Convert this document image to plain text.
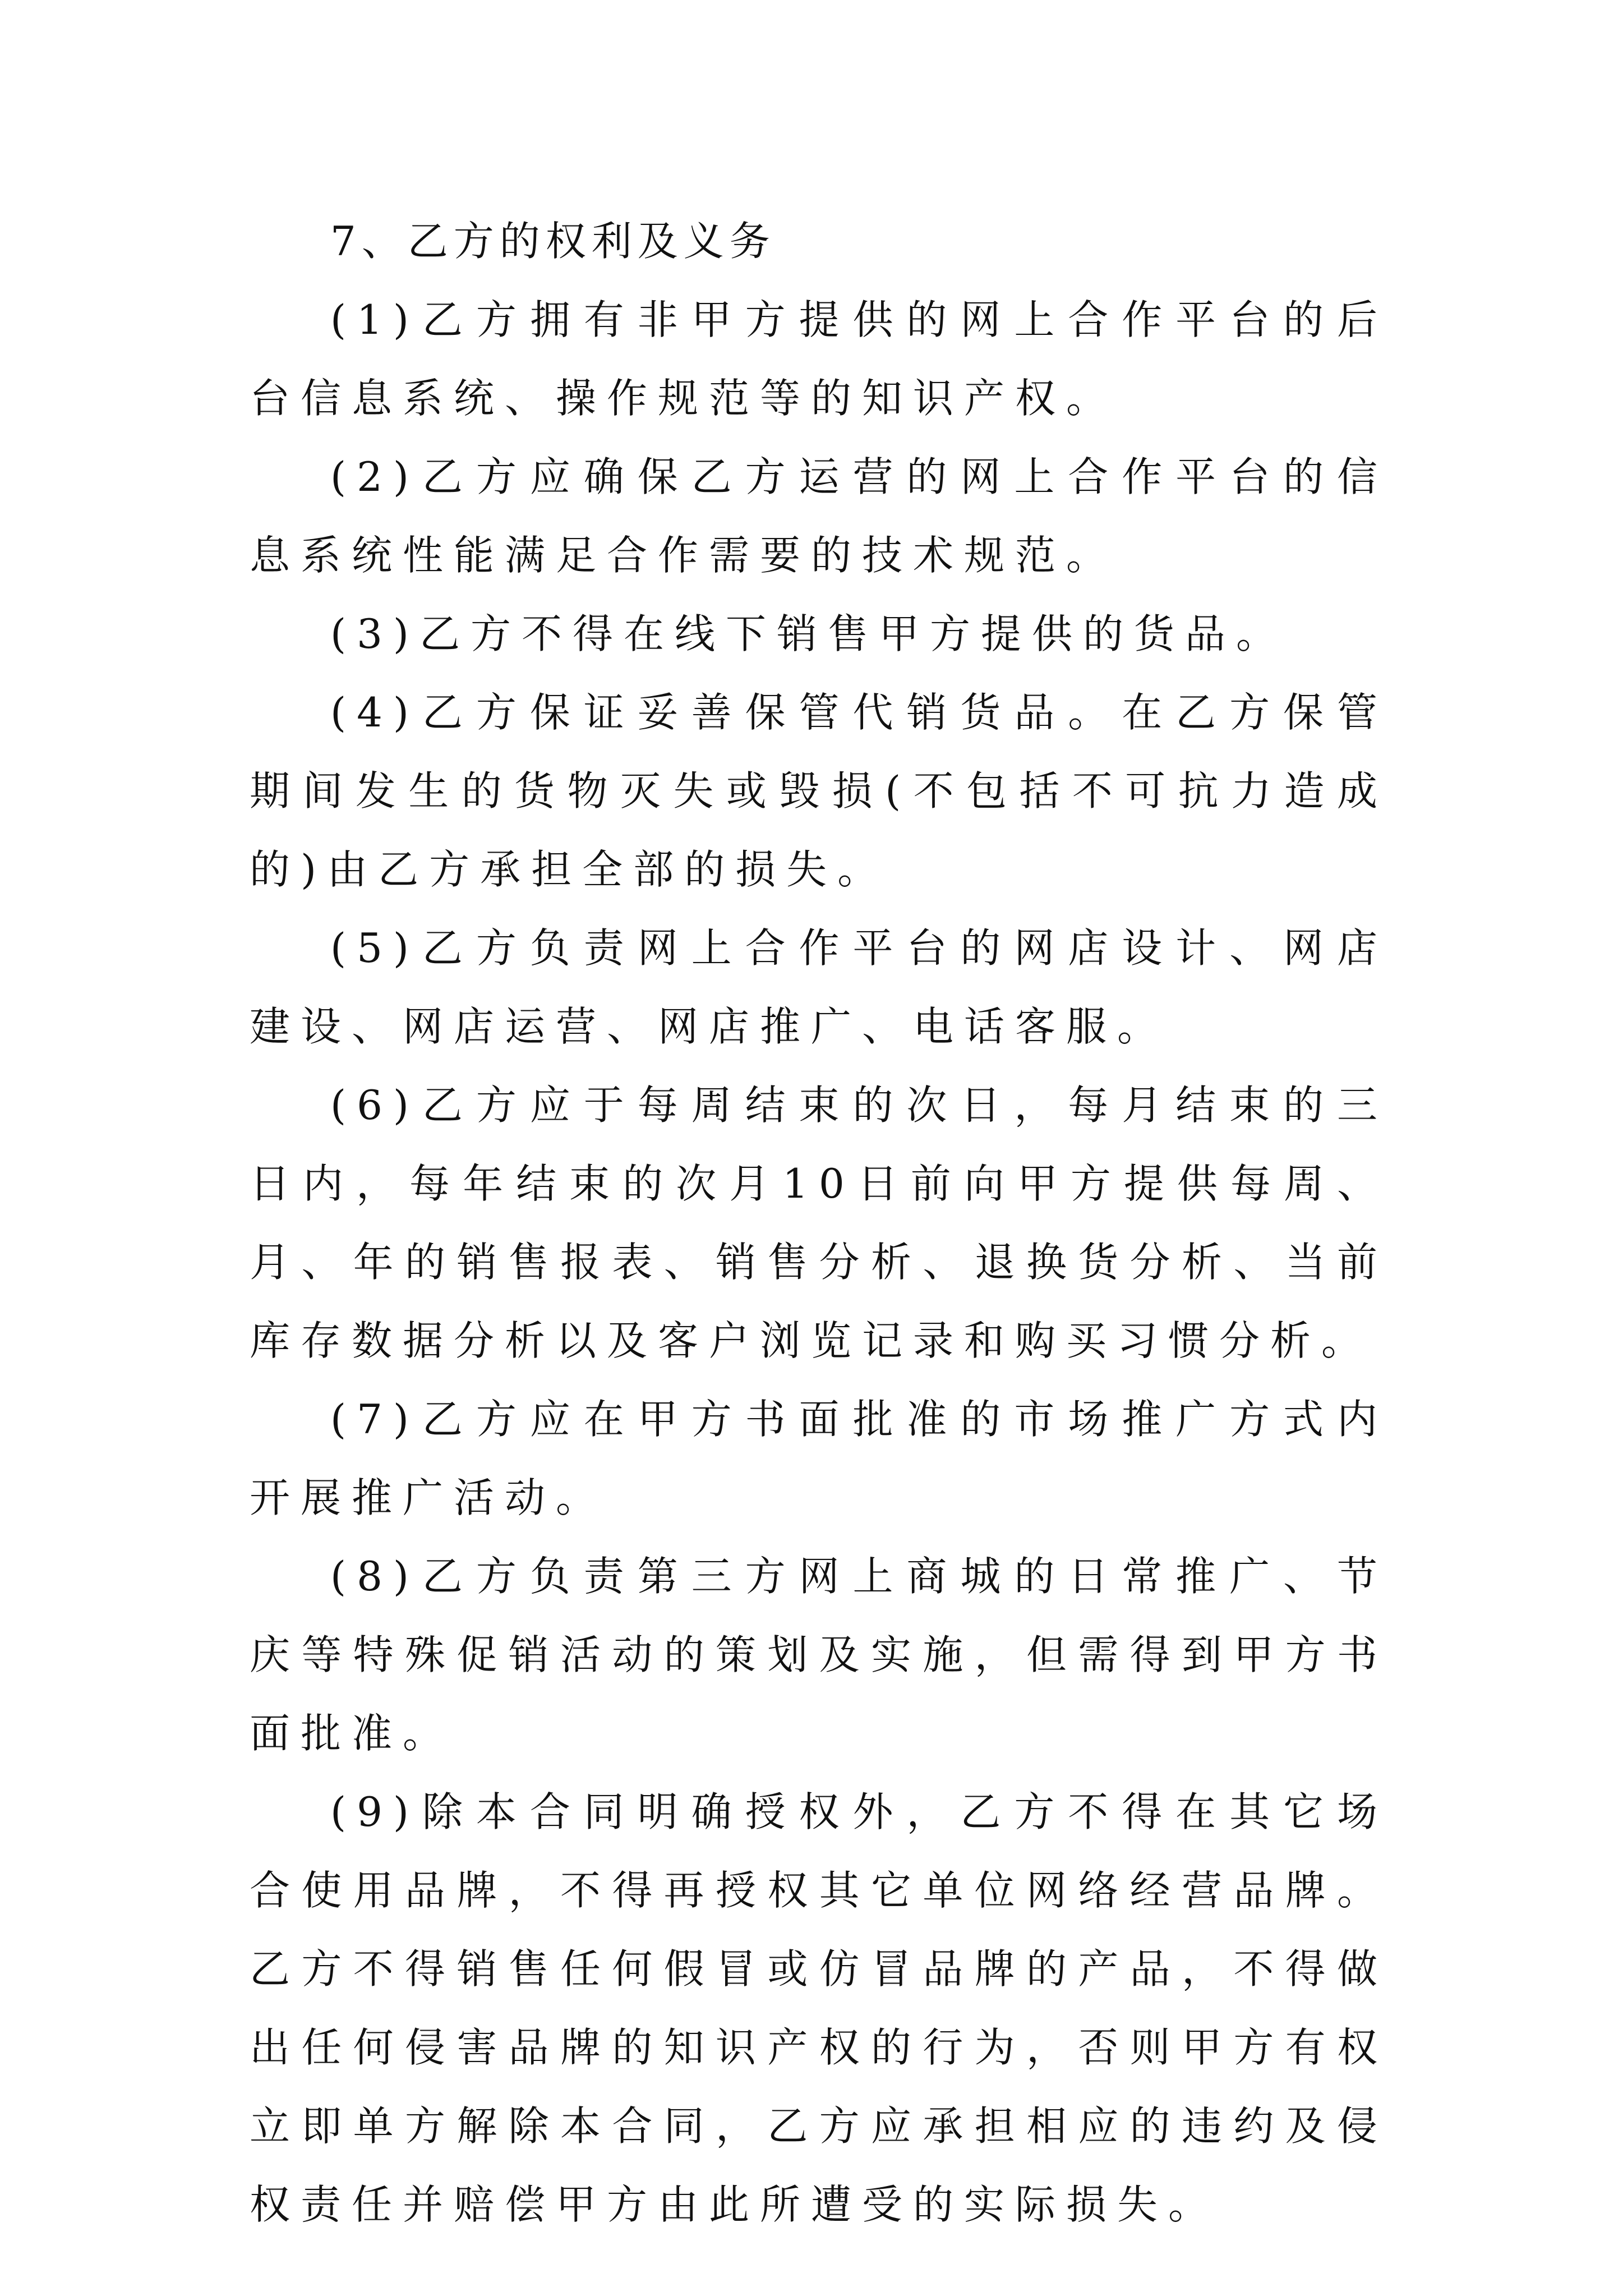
7、乙方的权利及义务

(1)乙方拥有非甲方提供的网上合作平台的后台信息系统、操作规范等的知识产权。

(2)乙方应确保乙方运营的网上合作平台的信息系统性能满足合作需要的技术规范。

(3)乙方不得在线下销售甲方提供的货品。

(4)乙方保证妥善保管代销货品。在乙方保管期间发生的货物灭失或毁损(不包括不可抗力造成的)由乙方承担全部的损失。

(5)乙方负责网上合作平台的网店设计、网店建设、网店运营、网店推广、电话客服。

(6)乙方应于每周结束的次日，每月结束的三日内，每年结束的次月10日前向甲方提供每周、月、年的销售报表、销售分析、退换货分析、当前库存数据分析以及客户浏览记录和购买习惯分析。

(7)乙方应在甲方书面批准的市场推广方式内开展推广活动。

(8)乙方负责第三方网上商城的日常推广、节庆等特殊促销活动的策划及实施，但需得到甲方书面批准。

(9)除本合同明确授权外，乙方不得在其它场合使用品牌，不得再授权其它单位网络经营品牌。乙方不得销售任何假冒或仿冒品牌的产品，不得做出任何侵害品牌的知识产权的行为，否则甲方有权立即单方解除本合同，乙方应承担相应的违约及侵权责任并赔偿甲方由此所遭受的实际损失。
